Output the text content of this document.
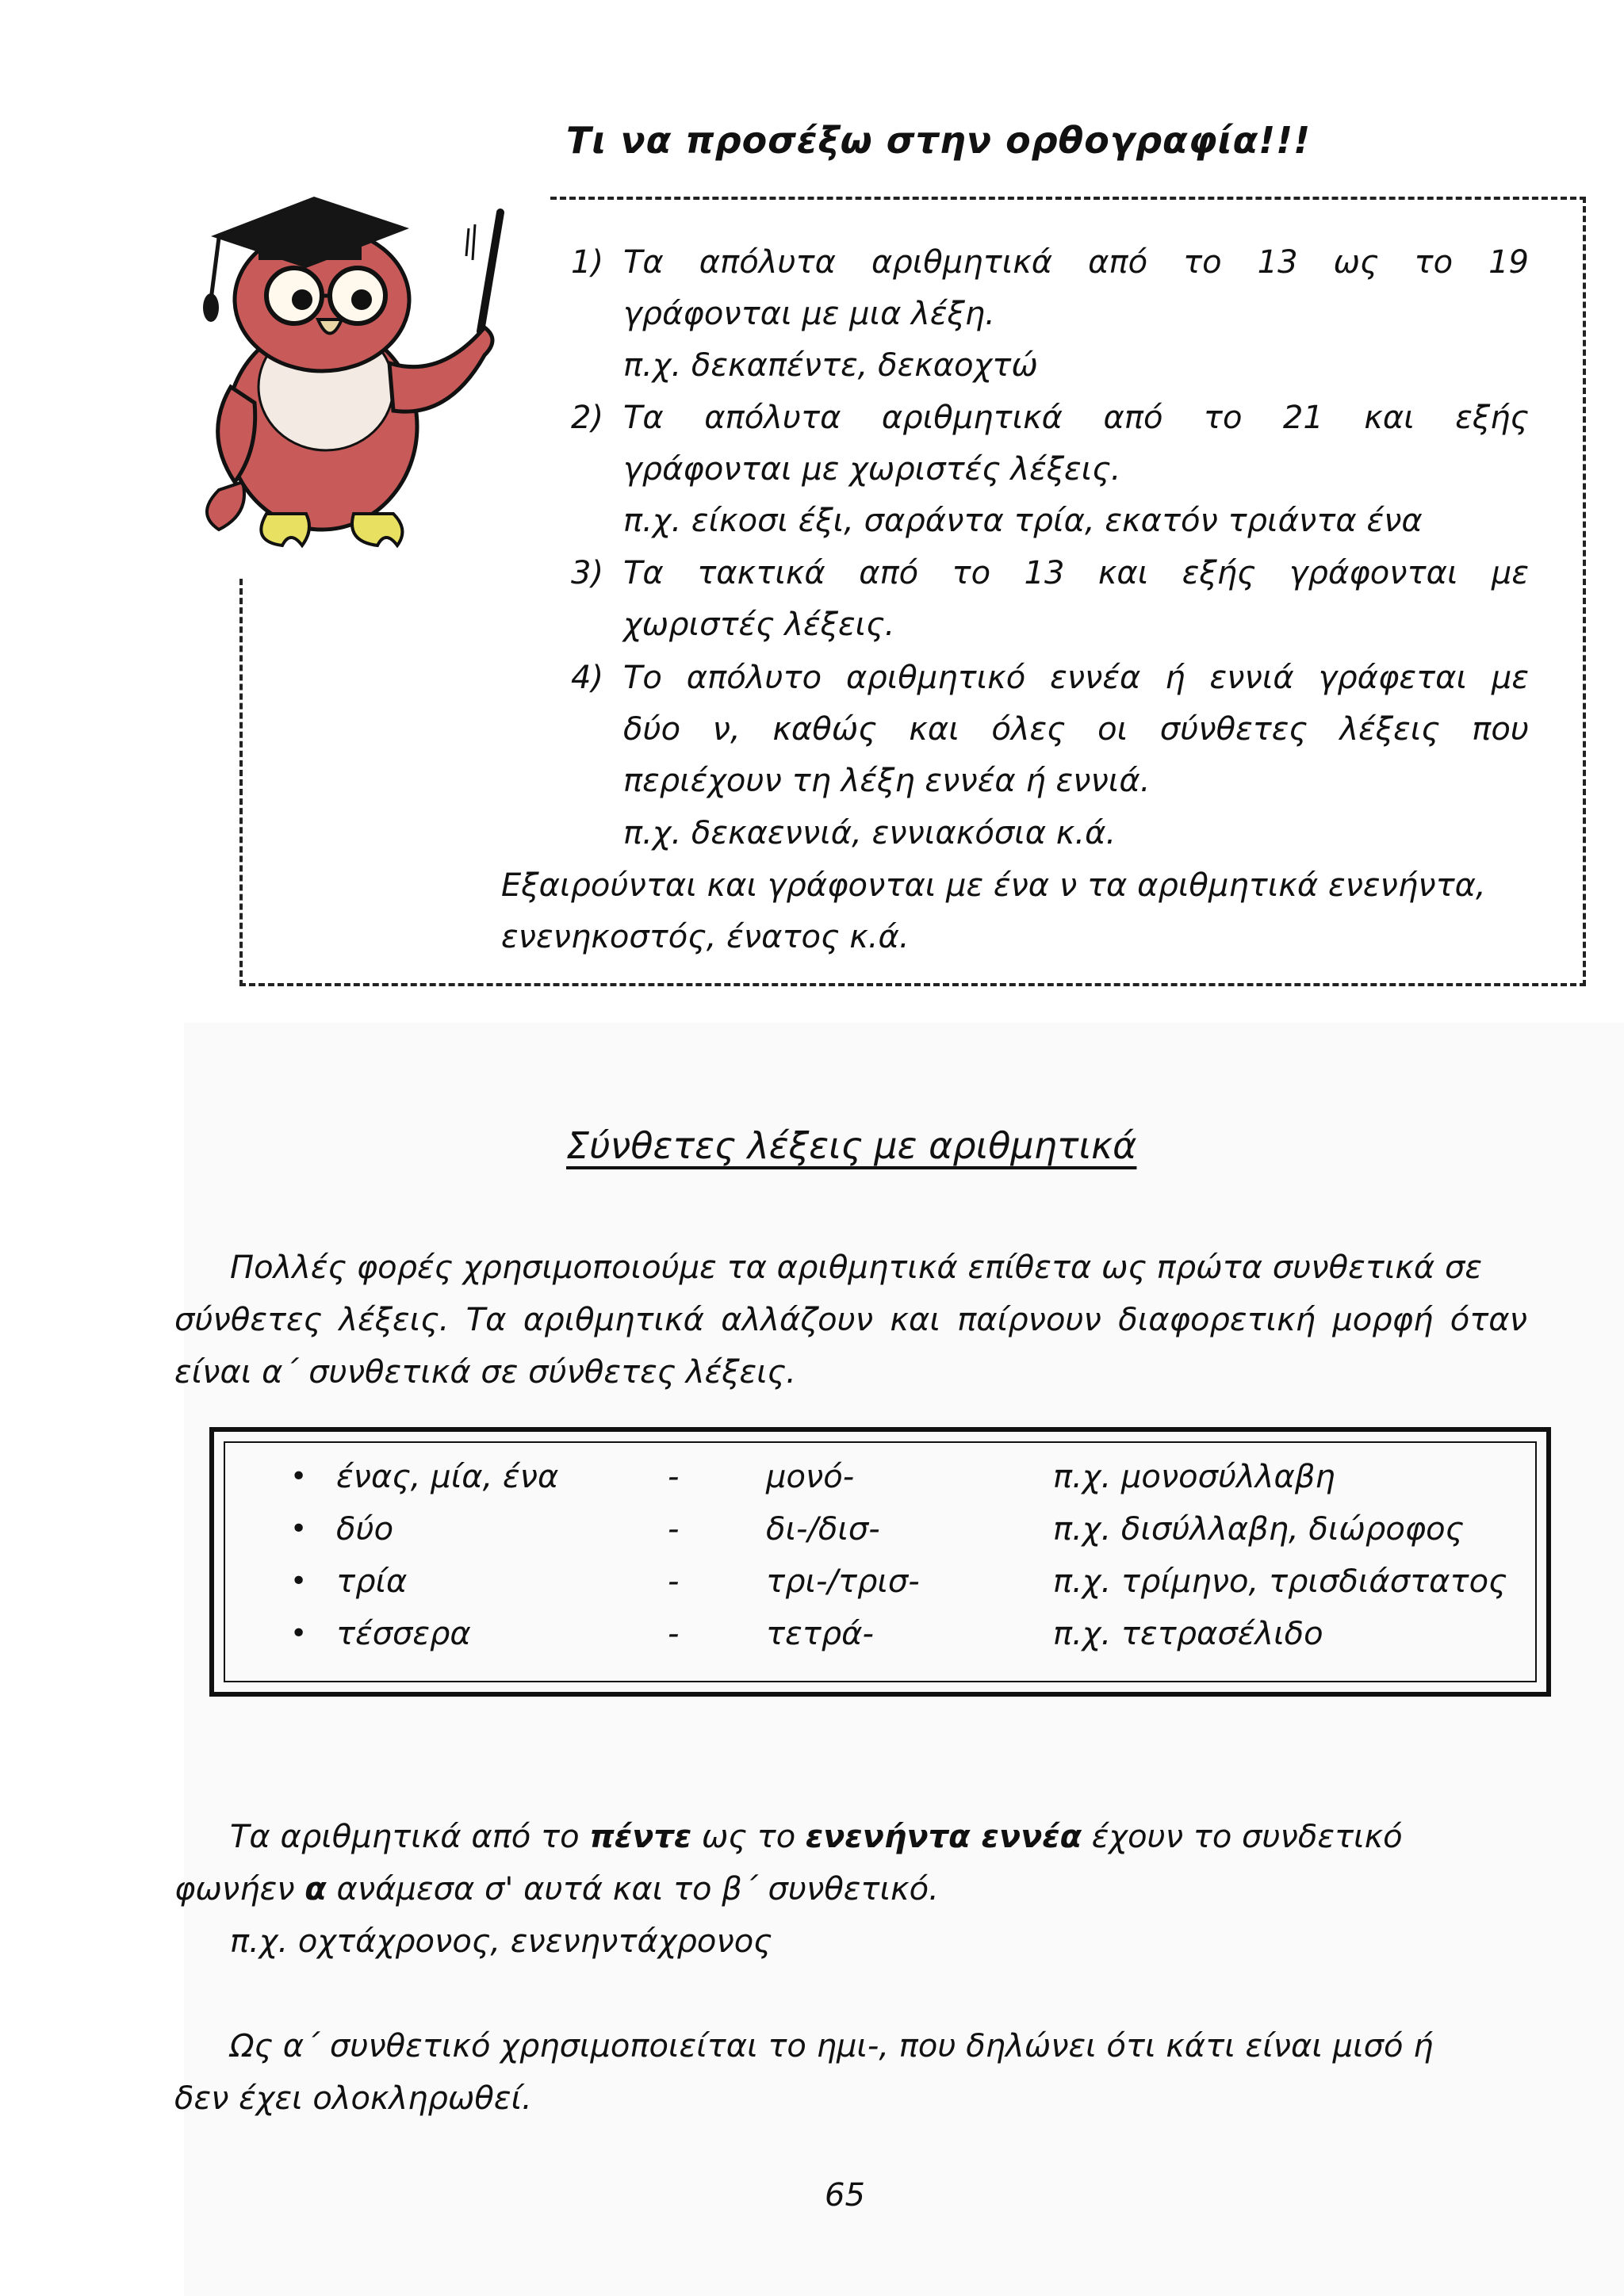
Τι να προσέξω στην ορθογραφία!!!
1) Τα απόλυτα αριθμητικά από το 13 ως το 19
γράφονται με μια λέξη.
π.χ. δεκαπέντε, δεκαοχτώ
2) Τα απόλυτα αριθμητικά από το 21 και εξής
γράφονται με χωριστές λέξεις.
π.χ. είκοσι έξι, σαράντα τρία, εκατόν τριάντα ένα
3) Τα τακτικά από το 13 και εξής γράφονται με
χωριστές λέξεις.
4) Το απόλυτο αριθμητικό εννέα ή εννιά γράφεται με
δύο ν, καθώς και όλες οι σύνθετες λέξεις που
περιέχουν τη λέξη εννέα ή εννιά.
π.χ. δεκαεννιά, εννιακόσια κ.ά.
Εξαιρούνται και γράφονται με ένα ν τα αριθμητικά ενενήντα,
ενενηκοστός, ένατος κ.ά.
Σύνθετες λέξεις με αριθμητικά
Πολλές φορές χρησιμοποιούμε τα αριθμητικά επίθετα ως πρώτα συνθετικά σε
σύνθετες λέξεις. Τα αριθμητικά αλλάζουν και παίρνουν διαφορετική μορφή όταν
είναι α΄ συνθετικά σε σύνθετες λέξεις.
• ένας, μία, ένα	-	μονό-	π.χ. μονοσύλλαβη
• δύο	-	δι-/δισ-	π.χ. δισύλλαβη, διώροφος
• τρία	-	τρι-/τρισ-	π.χ. τρίμηνο, τρισδιάστατος
• τέσσερα	-	τετρά-	π.χ. τετρασέλιδο
Τα αριθμητικά από το πέντε ως το ενενήντα εννέα έχουν το συνδετικό
φωνήεν α ανάμεσα σ' αυτά και το β΄ συνθετικό.
π.χ. οχτάχρονος, ενενηντάχρονος
Ως α΄ συνθετικό χρησιμοποιείται το ημι-, που δηλώνει ότι κάτι είναι μισό ή
δεν έχει ολοκληρωθεί.
65
